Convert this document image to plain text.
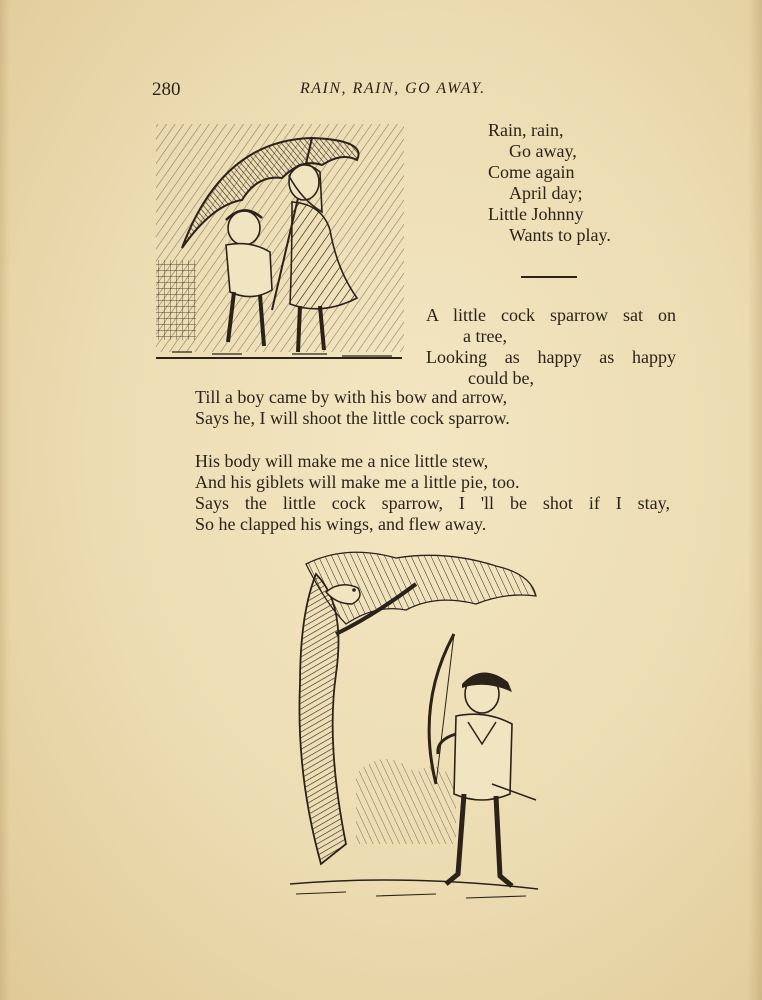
280	RAIN, RAIN, GO AWAY.
Rain, rain,
Go away,
Come again
April day;
Little Johnny
Wants to play.
A little cock sparrow sat on
a tree,
Looking as happy as happy
could be,
Till a boy came by with his bow and arrow,
Says he, I will shoot the little cock sparrow.
His body will make me a nice little stew,
And his giblets will make me a little pie, too.
Says the little cock sparrow, I 'll be shot if I stay,
So he clapped his wings, and flew away.
